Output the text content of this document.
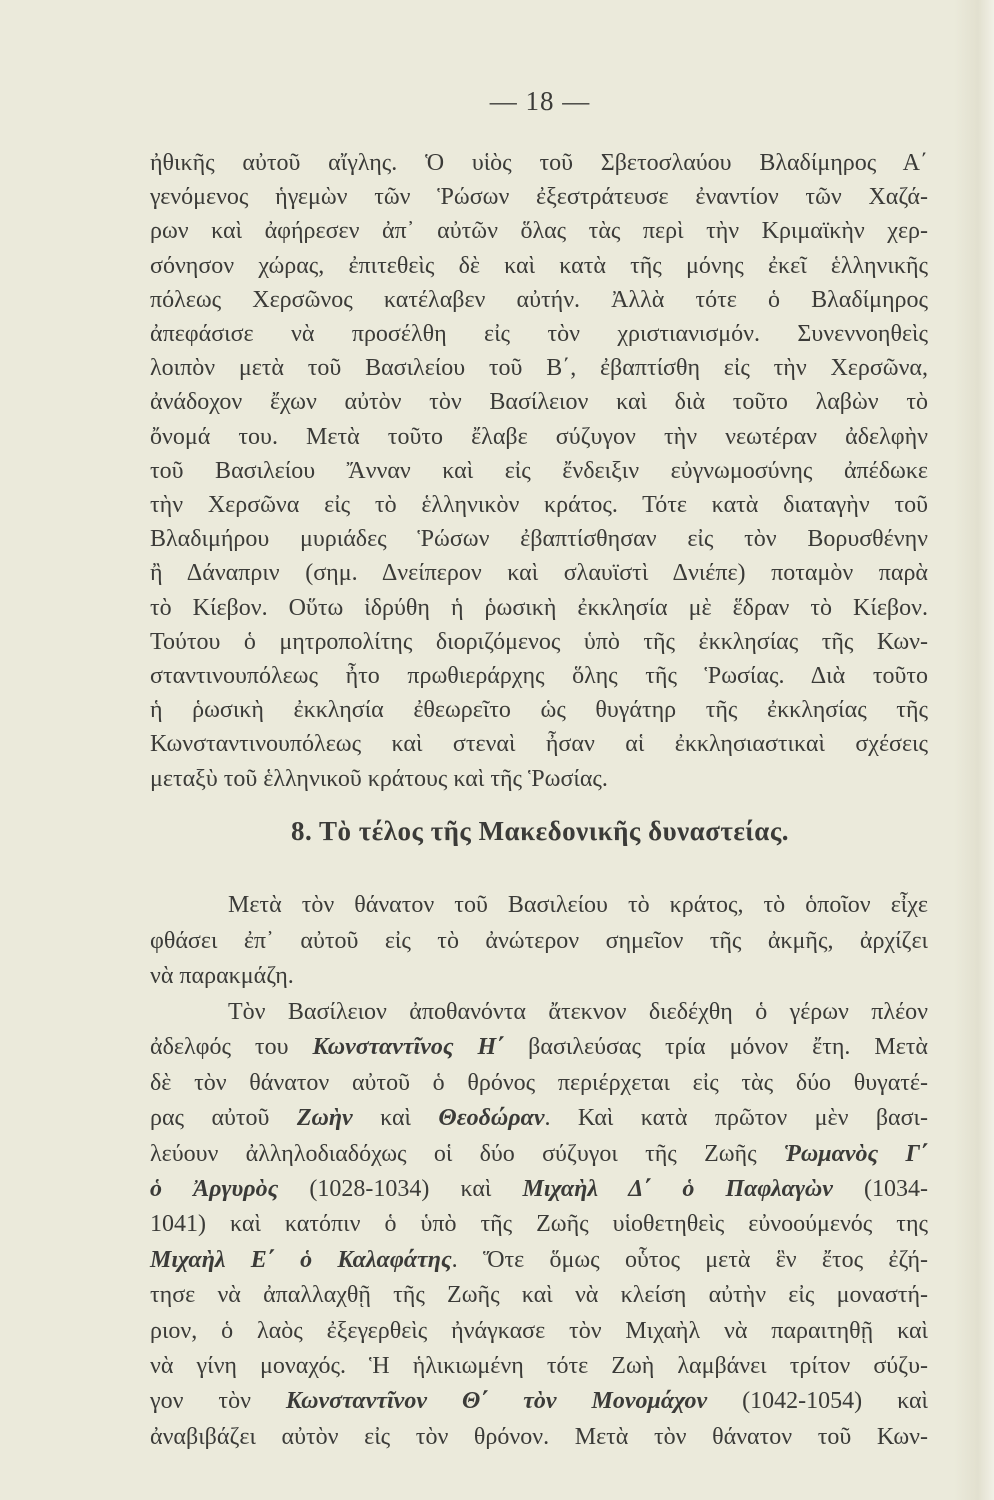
— 18 —
ἠθικῆς αὐτοῦ αἴγλης. Ὁ υἱὸς τοῦ Σβετοσλαύου Βλαδίμηρος Α΄
γενόμενος ἡγεμὼν τῶν Ῥώσων ἐξεστράτευσε ἐναντίον τῶν Χαζά-
ρων καὶ ἀφήρεσεν ἀπ᾽ αὐτῶν ὅλας τὰς περὶ τὴν Κριμαϊκὴν χερ-
σόνησον χώρας, ἐπιτεθεὶς δὲ καὶ κατὰ τῆς μόνης ἐκεῖ ἑλληνικῆς
πόλεως Χερσῶνος κατέλαβεν αὐτήν. Ἀλλὰ τότε ὁ Βλαδίμηρος
ἀπεφάσισε νὰ προσέλθη εἰς τὸν χριστιανισμόν. Συνεννοηθεὶς
λοιπὸν μετὰ τοῦ Βασιλείου τοῦ Β΄, ἐβαπτίσθη εἰς τὴν Χερσῶνα,
ἀνάδοχον ἔχων αὐτὸν τὸν Βασίλειον καὶ διὰ τοῦτο λαβὼν τὸ
ὄνομά του. Μετὰ τοῦτο ἔλαβε σύζυγον τὴν νεωτέραν ἀδελφὴν
τοῦ Βασιλείου Ἄνναν καὶ εἰς ἔνδειξιν εὐγνωμοσύνης ἀπέδωκε
τὴν Χερσῶνα εἰς τὸ ἑλληνικὸν κράτος. Τότε κατὰ διαταγὴν τοῦ
Βλαδιμήρου μυριάδες Ῥώσων ἐβαπτίσθησαν εἰς τὸν Βορυσθένην
ἢ Δάναπριν (σημ. Δνείπερον καὶ σλαυϊστὶ Δνιέπε) ποταμὸν παρὰ
τὸ Κίεβον. Οὕτω ἱδρύθη ἡ ῥωσικὴ ἐκκλησία μὲ ἕδραν τὸ Κίεβον.
Τούτου ὁ μητροπολίτης διοριζόμενος ὑπὸ τῆς ἐκκλησίας τῆς Κων-
σταντινουπόλεως ἦτο πρωθιεράρχης ὅλης τῆς Ῥωσίας. Διὰ τοῦτο
ἡ ῥωσικὴ ἐκκλησία ἐθεωρεῖτο ὡς θυγάτηρ τῆς ἐκκλησίας τῆς
Κωνσταντινουπόλεως καὶ στεναὶ ἦσαν αἱ ἐκκλησιαστικαὶ σχέσεις
μεταξὺ τοῦ ἑλληνικοῦ κράτους καὶ τῆς Ῥωσίας.
8. Τὸ τέλος τῆς Μακεδονικῆς δυναστείας.
Μετὰ τὸν θάνατον τοῦ Βασιλείου τὸ κράτος, τὸ ὁποῖον εἶχε
φθάσει ἐπ᾽ αὐτοῦ εἰς τὸ ἀνώτερον σημεῖον τῆς ἀκμῆς, ἀρχίζει
νὰ παρακμάζη.
Τὸν Βασίλειον ἀποθανόντα ἄτεκνον διεδέχθη ὁ γέρων πλέον
ἀδελφός του Κωνσταντῖνος Η΄ βασιλεύσας τρία μόνον ἔτη. Μετὰ
δὲ τὸν θάνατον αὐτοῦ ὁ θρόνος περιέρχεται εἰς τὰς δύο θυγατέ-
ρας αὐτοῦ Ζωὴν καὶ Θεοδώραν. Καὶ κατὰ πρῶτον μὲν βασι-
λεύουν ἀλληλοδιαδόχως οἱ δύο σύζυγοι τῆς Ζωῆς Ῥωμανὸς Γ΄
ὁ Ἀργυρὸς (1028-1034) καὶ Μιχαὴλ Δ΄ ὁ Παφλαγὼν (1034-
1041) καὶ κατόπιν ὁ ὑπὸ τῆς Ζωῆς υἱοθετηθεὶς εὐνοούμενός της
Μιχαὴλ Ε΄ ὁ Καλαφάτης. Ὅτε ὅμως οὗτος μετὰ ἓν ἔτος ἐζή-
τησε νὰ ἀπαλλαχθῇ τῆς Ζωῆς καὶ νὰ κλείση αὐτὴν εἰς μοναστή-
ριον, ὁ λαὸς ἐξεγερθεὶς ἠνάγκασε τὸν Μιχαὴλ νὰ παραιτηθῇ καὶ
νὰ γίνη μοναχός. Ἡ ἡλικιωμένη τότε Ζωὴ λαμβάνει τρίτον σύζυ-
γον τὸν Κωνσταντῖνον Θ΄ τὸν Μονομάχον (1042-1054) καὶ
ἀναβιβάζει αὐτὸν εἰς τὸν θρόνον. Μετὰ τὸν θάνατον τοῦ Κων-
